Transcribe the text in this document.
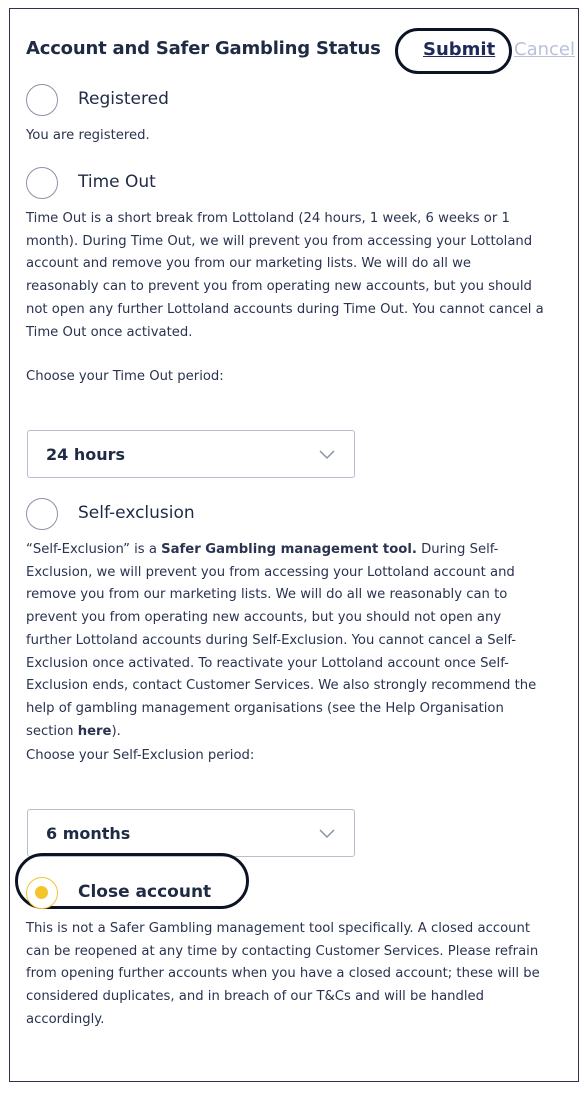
Account and Safer Gambling Status Submit Cancel
Registered

You are registered.

Time Out

Time Out is a short break from Lottoland (24 hours, 1 week, 6 weeks or 1 month). During Time Out, we will prevent you from accessing your Lottoland account and remove you from our marketing lists. We will do all we reasonably can to prevent you from operating new accounts, but you should not open any further Lottoland accounts during Time Out. You cannot cancel a Time Out once activated.

Choose your Time Out period:
24 hours
Self-exclusion

“Self-Exclusion” is a Safer Gambling management tool. During Self-Exclusion, we will prevent you from accessing your Lottoland account and remove you from our marketing lists. We will do all we reasonably can to prevent you from operating new accounts, but you should not open any further Lottoland accounts during Self-Exclusion. You cannot cancel a Self-Exclusion once activated. To reactivate your Lottoland account once Self-Exclusion ends, contact Customer Services. We also strongly recommend the help of gambling management organisations (see the Help Organisation section here).

Choose your Self-Exclusion period:
6 months
Close account

This is not a Safer Gambling management tool specifically. A closed account can be reopened at any time by contacting Customer Services. Please refrain from opening further accounts when you have a closed account; these will be considered duplicates, and in breach of our T&Cs and will be handled accordingly.
